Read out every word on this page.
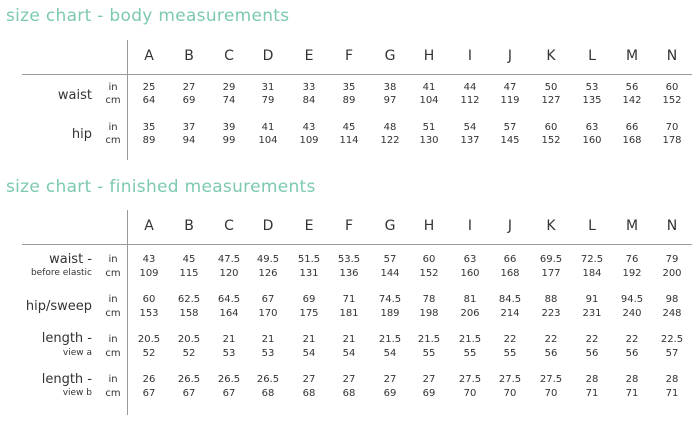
size chart - body measurements
A	B	C	D	E	F	G	H	I	J	K	L	M	N
waist
in	25	27	29	31	33	35	38	41	44	47	50	53	56	60
cm	64	69	74	79	84	89	97	104	112	119	127	135	142	152
hip	in	35	37	39	41	43	45	48	51	54	57	60	63	66	70
cm	89	94	99	104	109	114	122	130	137	145	152	160	168	178
size chart - finished measurements
A	B	C	D	E	F	G	H	I	J	K	L	M	N
waist -
before elastic
in	43	45	47.5	49.5	51.5	53.5	57	60	63	66	69.5	72.5	76	79
cm	109	115	120	126	131	136	144	152	160	168	177	184	192	200
hip/sweep	in	60	62.5	64.5	67	69	71	74.5	78	81	84.5	88	91	94.5	98
cm	153	158	164	170	175	181	189	198	206	214	223	231	240	248
length -
view a
in	20.5	20.5	21	21	21	21	21.5	21.5	21.5	22	22	22	22	22.5
cm	52	52	53	53	54	54	54	55	55	55	56	56	56	57
length -
view b
in	26	26.5	26.5	26.5	27	27	27	27	27.5	27.5	27.5	28	28	28
cm	67	67	67	68	68	68	69	69	70	70	70	71	71	71
